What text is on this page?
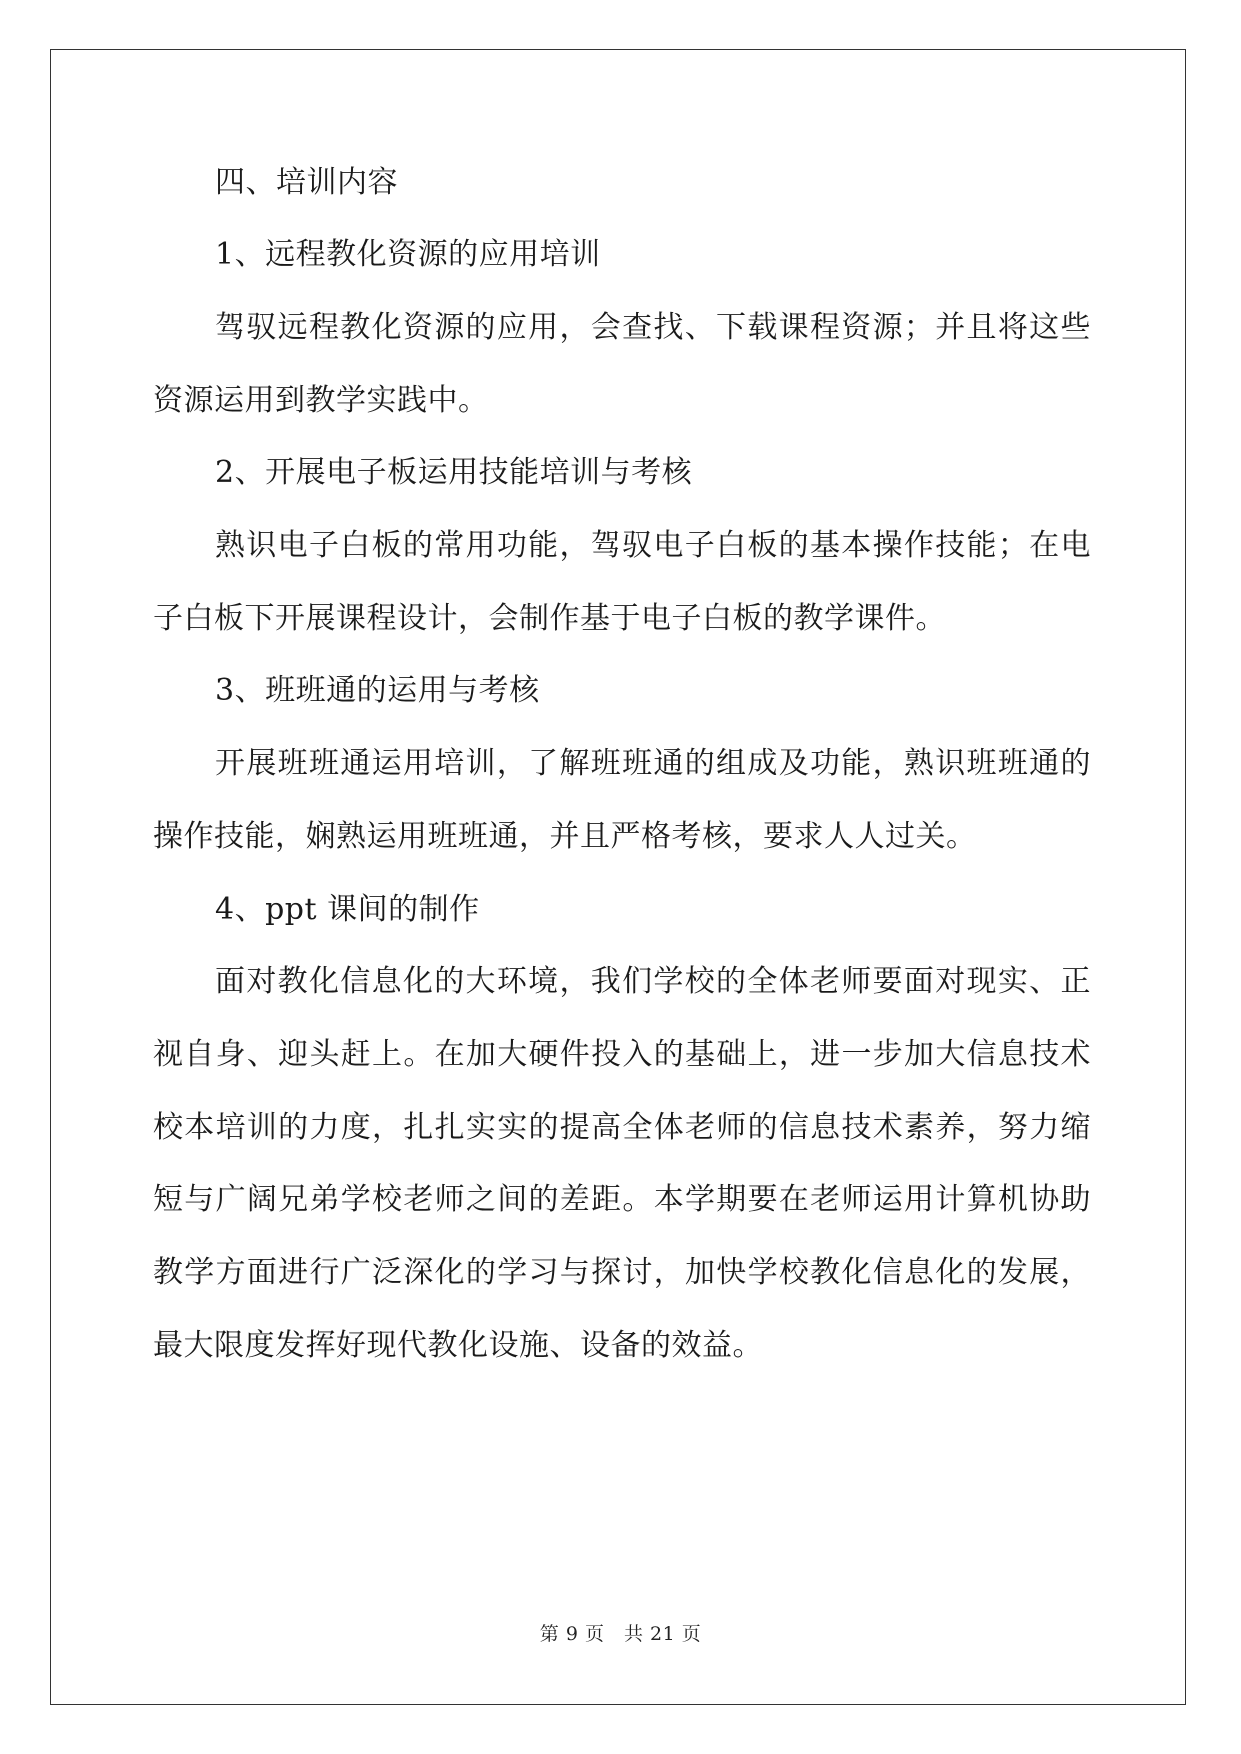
四、培训内容
1、远程教化资源的应用培训
驾驭远程教化资源的应用，会查找、下载课程资源；并且将这些
资源运用到教学实践中。
2、开展电子板运用技能培训与考核
熟识电子白板的常用功能，驾驭电子白板的基本操作技能；在电
子白板下开展课程设计，会制作基于电子白板的教学课件。
3、班班通的运用与考核
开展班班通运用培训，了解班班通的组成及功能，熟识班班通的
操作技能，娴熟运用班班通，并且严格考核，要求人人过关。
4、ppt 课间的制作
面对教化信息化的大环境，我们学校的全体老师要面对现实、正
视自身、迎头赶上。在加大硬件投入的基础上，进一步加大信息技术
校本培训的力度，扎扎实实的提高全体老师的信息技术素养，努力缩
短与广阔兄弟学校老师之间的差距。本学期要在老师运用计算机协助
教学方面进行广泛深化的学习与探讨，加快学校教化信息化的发展，
最大限度发挥好现代教化设施、设备的效益。
第 9 页　共 21 页
